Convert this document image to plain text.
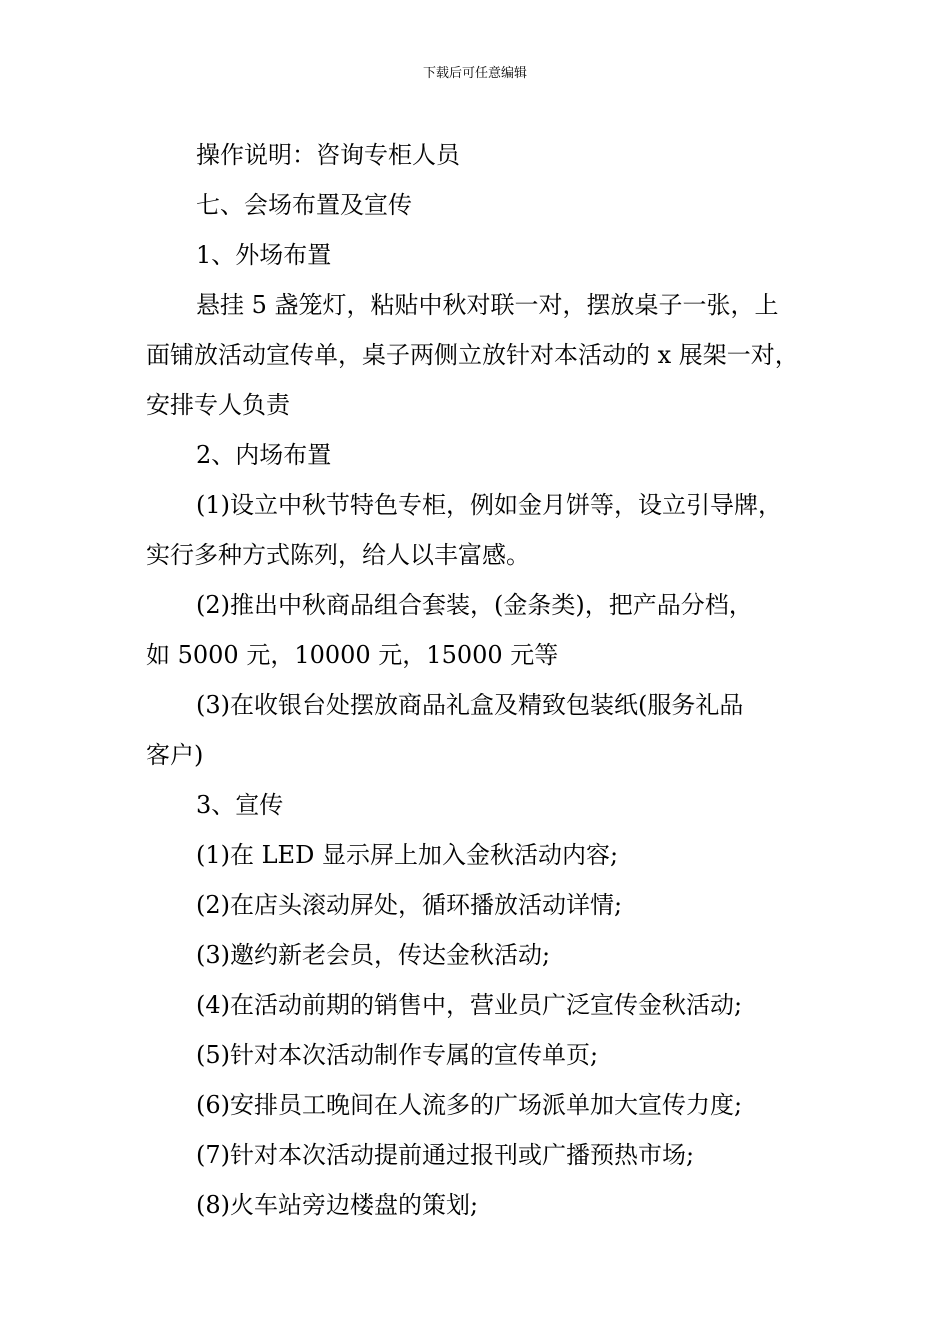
下载后可任意编辑

操作说明：咨询专柜人员

七、会场布置及宣传

1、外场布置

悬挂 5 盏笼灯，粘贴中秋对联一对，摆放桌子一张，上
面铺放活动宣传单，桌子两侧立放针对本活动的 x 展架一对，
安排专人负责

2、内场布置

(1)设立中秋节特色专柜，例如金月饼等，设立引导牌，
实行多种方式陈列，给人以丰富感。

(2)推出中秋商品组合套装，(金条类)，把产品分档，
如 5000 元，10000 元，15000 元等

(3)在收银台处摆放商品礼盒及精致包装纸(服务礼品
客户)

3、宣传

(1)在 LED 显示屏上加入金秋活动内容;

(2)在店头滚动屏处，循环播放活动详情;

(3)邀约新老会员，传达金秋活动;

(4)在活动前期的销售中，营业员广泛宣传金秋活动;

(5)针对本次活动制作专属的宣传单页;

(6)安排员工晚间在人流多的广场派单加大宣传力度;

(7)针对本次活动提前通过报刊或广播预热市场;

(8)火车站旁边楼盘的策划;
